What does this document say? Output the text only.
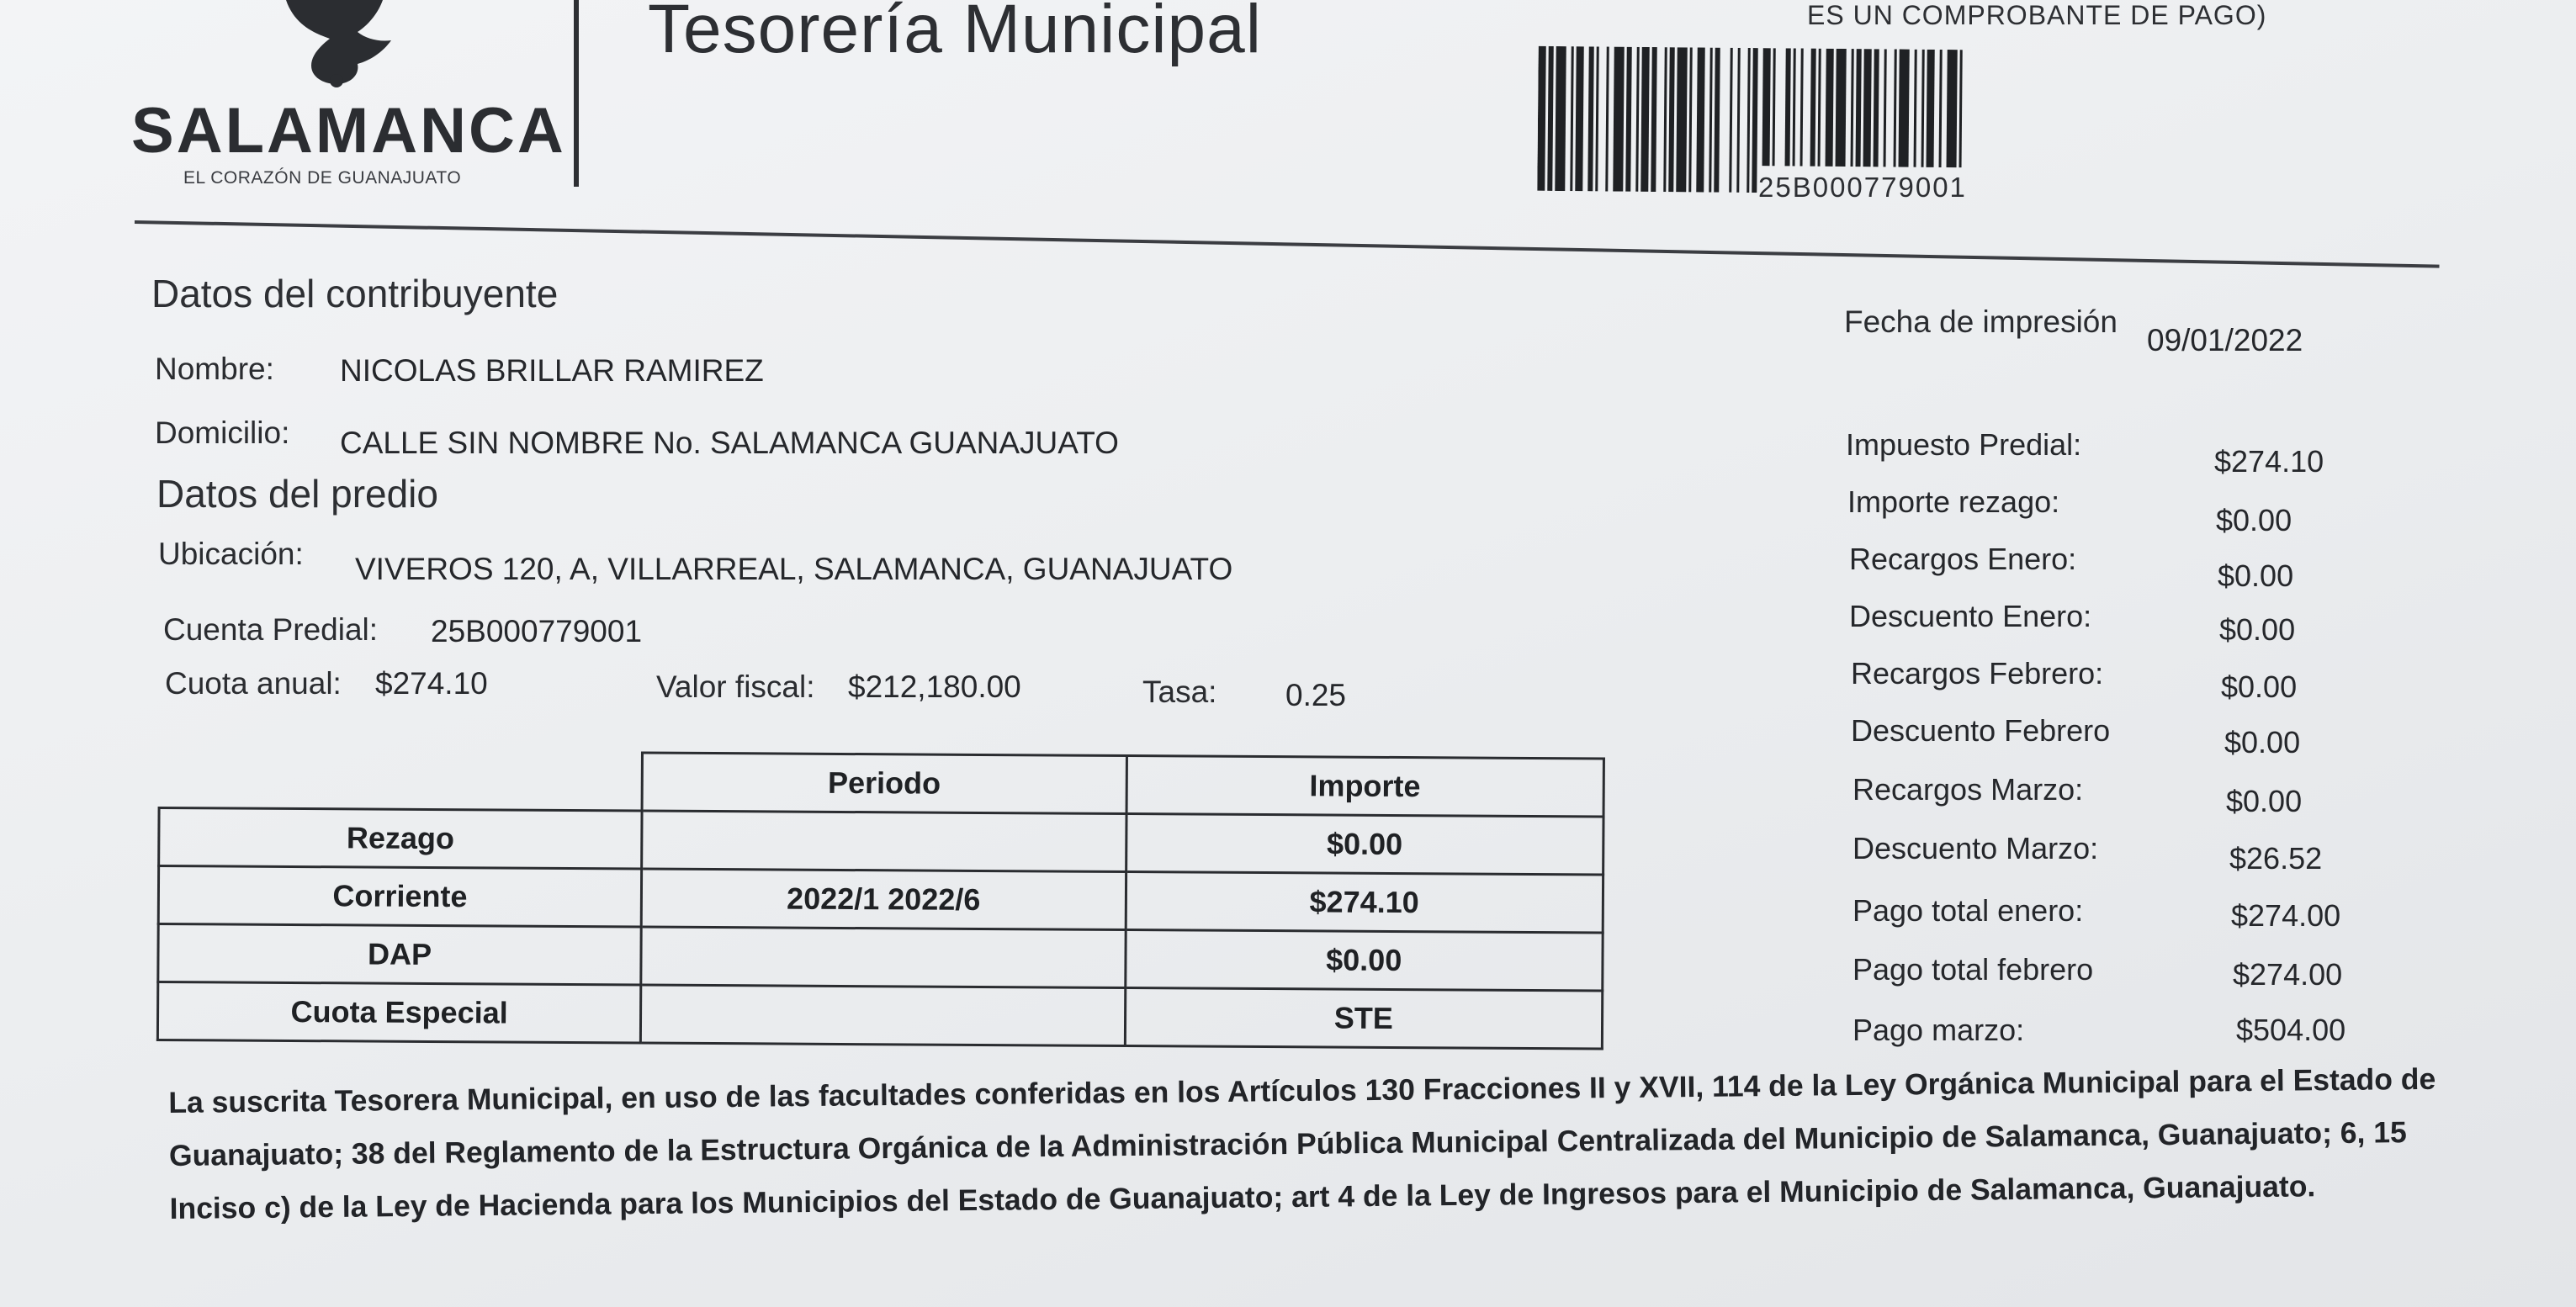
SALAMANCA
EL CORAZÓN DE GUANAJUATO
Tesorería Municipal	ES UN COMPROBANTE DE PAGO)
25B000779001
Datos del contribuyente
Nombre: NICOLAS BRILLAR RAMIREZ
Domicilio: CALLE SIN NOMBRE No. SALAMANCA GUANAJUATO
Datos del predio
Ubicación: VIVEROS 120, A, VILLARREAL, SALAMANCA, GUANAJUATO
Cuenta Predial: 25B000779001
Cuota anual: $274.10	Valor fiscal: $212,180.00	Tasa: 0.25
	Periodo	Importe
Rezago		$0.00
Corriente	2022/1 2022/6	$274.10
DAP		$0.00
Cuota Especial		STE
Fecha de impresión
09/01/2022
Impuesto Predial:	$274.10
Importe rezago:
$0.00
Recargos Enero:	$0.00
Descuento Enero:	$0.00
Recargos Febrero:	$0.00
Descuento Febrero	$0.00
Recargos Marzo:	$0.00
Descuento Marzo:	$26.52
Pago total enero:	$274.00
Pago total febrero	$274.00
Pago marzo:	$504.00
La suscrita Tesorera Municipal, en uso de las facultades conferidas en los Artículos 130 Fracciones II y XVII, 114 de la Ley Orgánica Municipal para el Estado de Guanajuato; 38 del Reglamento de la Estructura Orgánica de la Administración Pública Municipal Centralizada del Municipio de Salamanca, Guanajuato; 6, 15 Inciso c) de la Ley de Hacienda para los Municipios del Estado de Guanajuato; art 4 de la Ley de Ingresos para el Municipio de Salamanca, Guanajuato.
